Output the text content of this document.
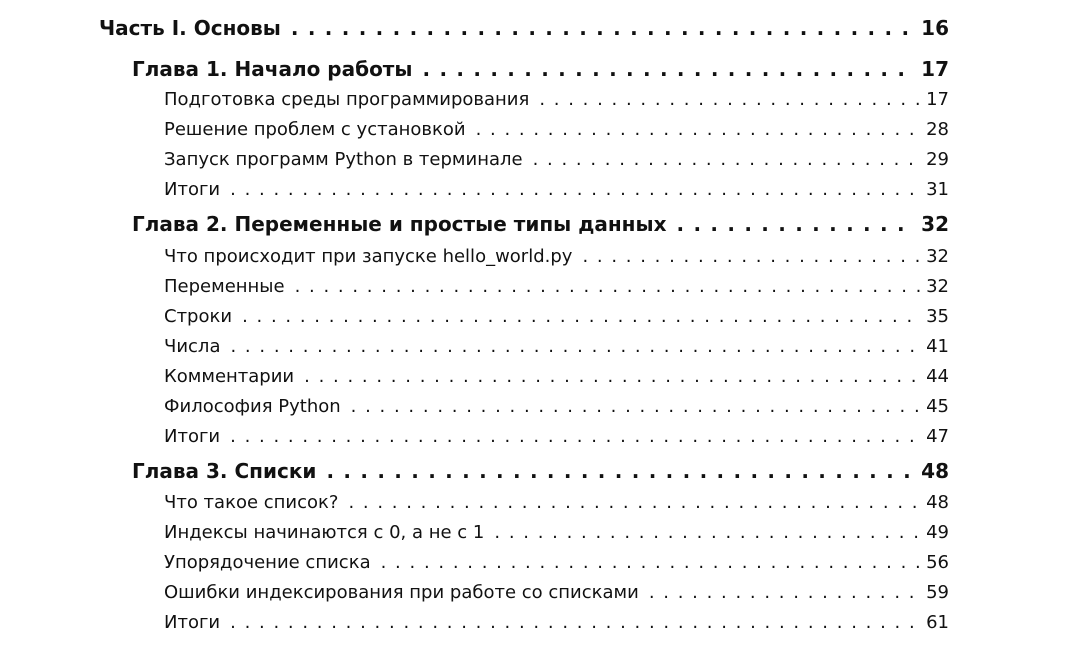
Часть I. Основы . . .	16
Глава 1. Начало работы . . .	17
Подготовка среды программирования . . .	17
Решение проблем с установкой . . .	28
Запуск программ Python в терминале . . .	29
Итоги . . .	31
Глава 2. Переменные и простые типы данных . . .	32
Что происходит при запуске hello_world.py . . .	32
Переменные . . .	32
Строки . . .	35
Числа . . .	41
Комментарии . . .	44
Философия Python . . .	45
Итоги . . .	47
Глава 3. Списки . . .	48
Что такое список? . . .	48
Индексы начинаются с 0, а не с 1 . . .	49
Упорядочение списка . . .	56
Ошибки индексирования при работе со списками . . .	59
Итоги . . .	61
